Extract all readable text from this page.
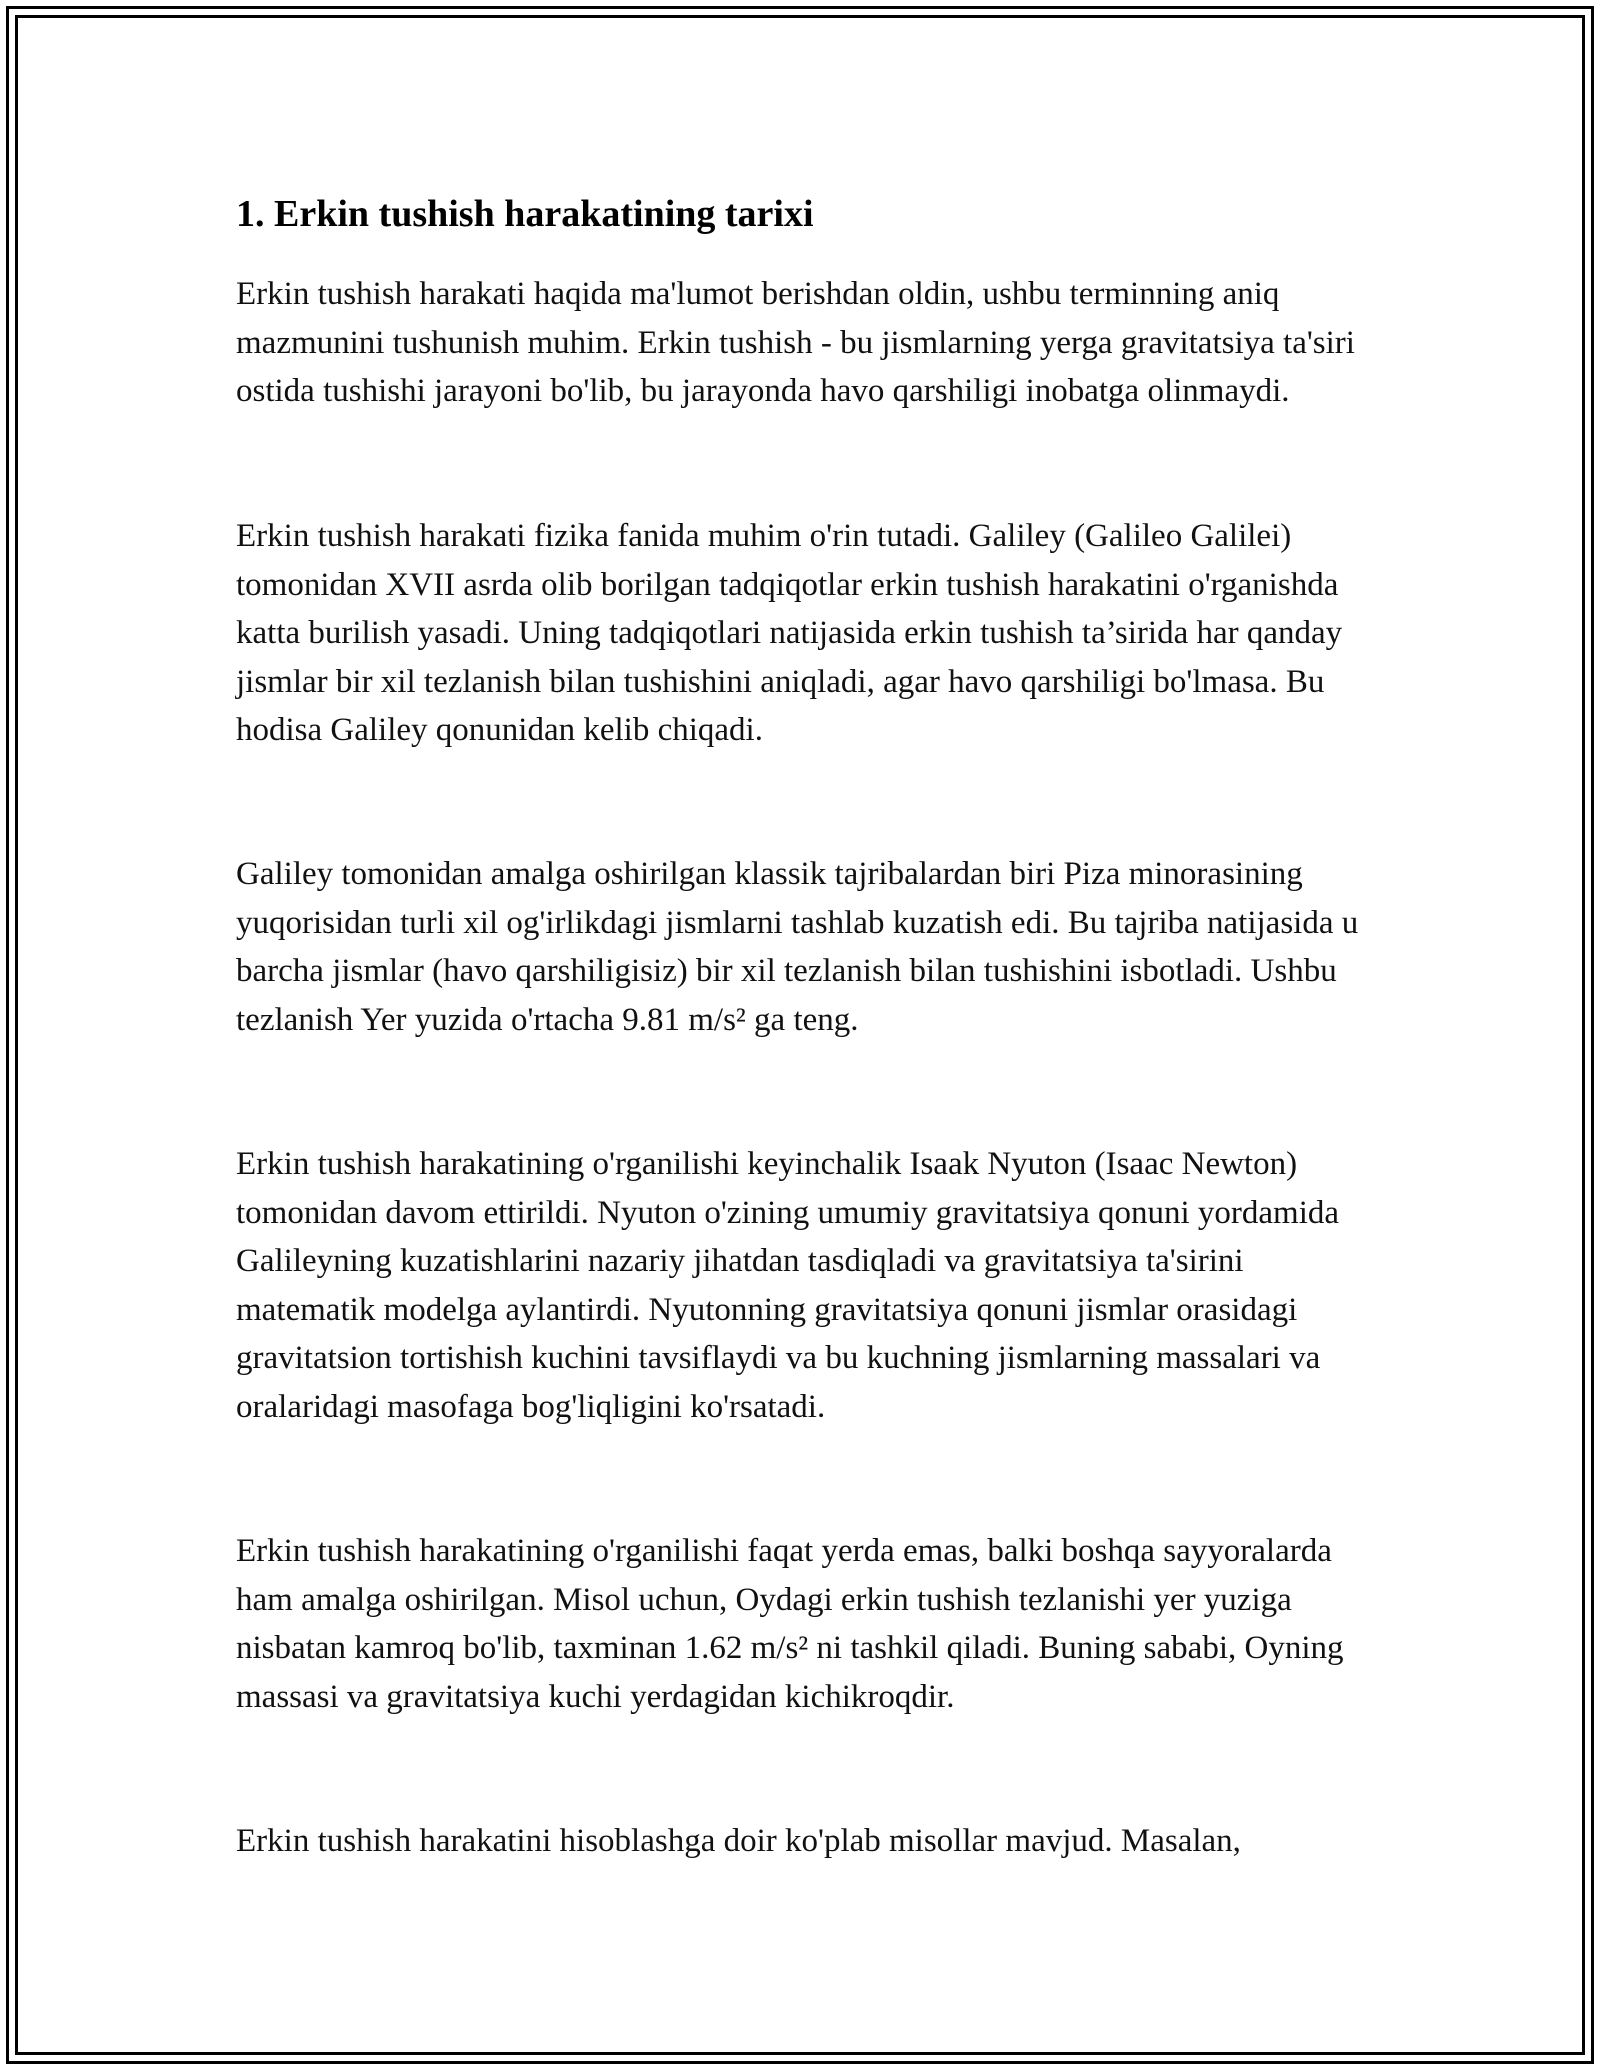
1. Erkin tushish harakatining tarixi

Erkin tushish harakati haqida ma'lumot berishdan oldin, ushbu terminning aniq mazmunini tushunish muhim. Erkin tushish - bu jismlarning yerga gravitatsiya ta'siri ostida tushishi jarayoni bo'lib, bu jarayonda havo qarshiligi inobatga olinmaydi.

Erkin tushish harakati fizika fanida muhim o'rin tutadi. Galiley (Galileo Galilei) tomonidan XVII asrda olib borilgan tadqiqotlar erkin tushish harakatini o'rganishda katta burilish yasadi. Uning tadqiqotlari natijasida erkin tushish ta’sirida har qanday jismlar bir xil tezlanish bilan tushishini aniqladi, agar havo qarshiligi bo'lmasa. Bu hodisa Galiley qonunidan kelib chiqadi.

Galiley tomonidan amalga oshirilgan klassik tajribalardan biri Piza minorasining yuqorisidan turli xil og'irlikdagi jismlarni tashlab kuzatish edi. Bu tajriba natijasida u barcha jismlar (havo qarshiligisiz) bir xil tezlanish bilan tushishini isbotladi. Ushbu tezlanish Yer yuzida o'rtacha 9.81 m/s² ga teng.

Erkin tushish harakatining o'rganilishi keyinchalik Isaak Nyuton (Isaac Newton) tomonidan davom ettirildi. Nyuton o'zining umumiy gravitatsiya qonuni yordamida Galileyning kuzatishlarini nazariy jihatdan tasdiqladi va gravitatsiya ta'sirini matematik modelga aylantirdi. Nyutonning gravitatsiya qonuni jismlar orasidagi gravitatsion tortishish kuchini tavsiflaydi va bu kuchning jismlarning massalari va oralaridagi masofaga bog'liqligini ko'rsatadi.

Erkin tushish harakatining o'rganilishi faqat yerda emas, balki boshqa sayyoralarda ham amalga oshirilgan. Misol uchun, Oydagi erkin tushish tezlanishi yer yuziga nisbatan kamroq bo'lib, taxminan 1.62 m/s² ni tashkil qiladi. Buning sababi, Oyning massasi va gravitatsiya kuchi yerdagidan kichikroqdir.

Erkin tushish harakatini hisoblashga doir ko'plab misollar mavjud. Masalan,
